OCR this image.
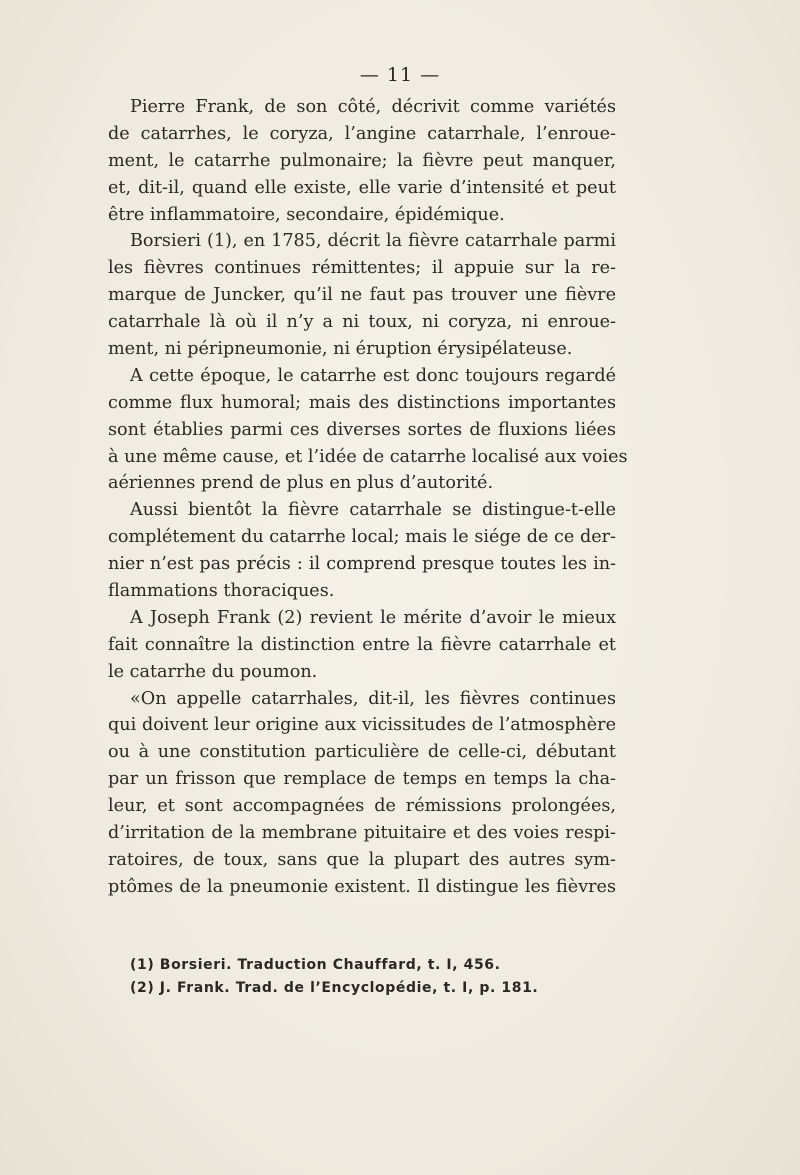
— 11 —
Pierre Frank, de son côté, décrivit comme variétés
de catarrhes, le coryza, l’angine catarrhale, l’enroue-
ment, le catarrhe pulmonaire; la fièvre peut manquer,
et, dit-il, quand elle existe, elle varie d’intensité et peut
être inflammatoire, secondaire, épidémique.
Borsieri (1), en 1785, décrit la fièvre catarrhale parmi
les fièvres continues rémittentes; il appuie sur la re-
marque de Juncker, qu’il ne faut pas trouver une fièvre
catarrhale là où il n’y a ni toux, ni coryza, ni enroue-
ment, ni péripneumonie, ni éruption érysipélateuse.
A cette époque, le catarrhe est donc toujours regardé
comme flux humoral; mais des distinctions importantes
sont établies parmi ces diverses sortes de fluxions liées
à une même cause, et l’idée de catarrhe localisé aux voies
aériennes prend de plus en plus d’autorité.
Aussi bientôt la fièvre catarrhale se distingue-t-elle
complétement du catarrhe local; mais le siége de ce der-
nier n’est pas précis : il comprend presque toutes les in-
flammations thoraciques.
A Joseph Frank (2) revient le mérite d’avoir le mieux
fait connaître la distinction entre la fièvre catarrhale et
le catarrhe du poumon.
«On appelle catarrhales, dit-il, les fièvres continues
qui doivent leur origine aux vicissitudes de l’atmosphère
ou à une constitution particulière de celle-ci, débutant
par un frisson que remplace de temps en temps la cha-
leur, et sont accompagnées de rémissions prolongées,
d’irritation de la membrane pituitaire et des voies respi-
ratoires, de toux, sans que la plupart des autres sym-
ptômes de la pneumonie existent. Il distingue les fièvres
(1) Borsieri. Traduction Chauffard, t. I, 456.
(2) J. Frank. Trad. de l’Encyclopédie, t. I, p. 181.
